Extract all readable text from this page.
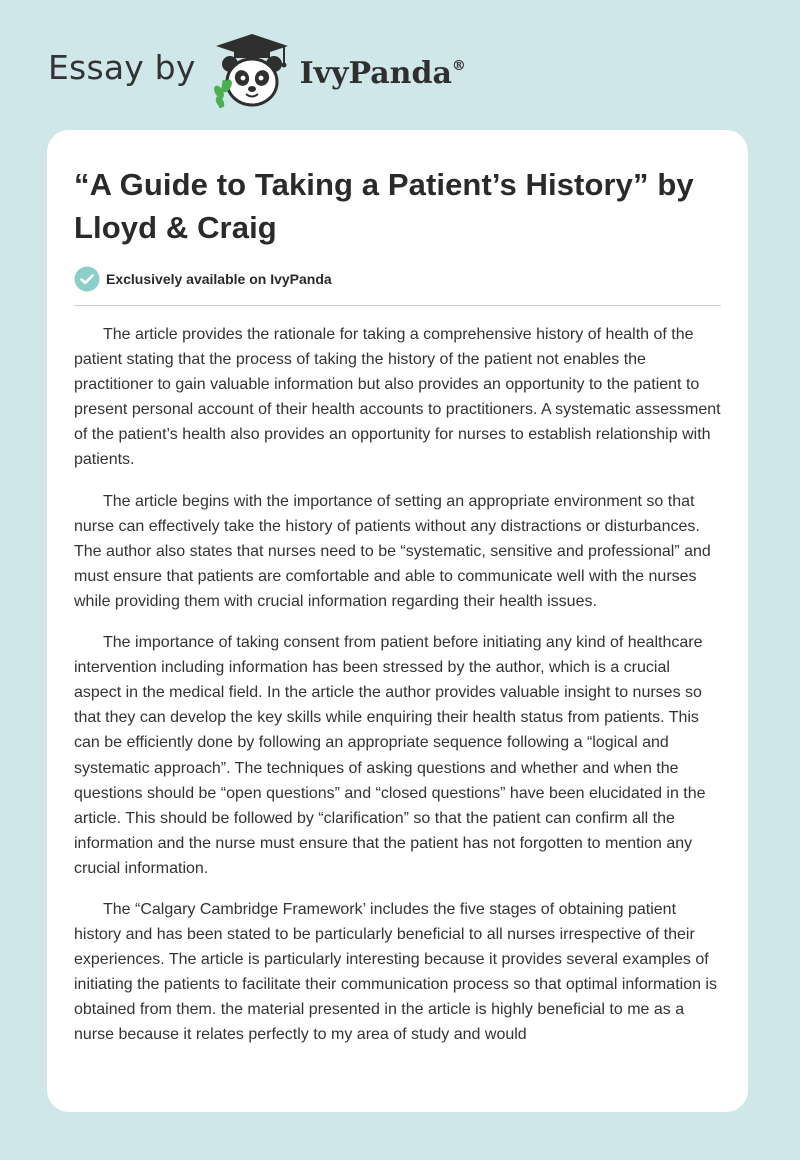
Essay by	IvyPanda®
“A Guide to Taking a Patient’s History” by Lloyd & Craig
Exclusively available on IvyPanda

The article provides the rationale for taking a comprehensive history of health of the patient stating that the process of taking the history of the patient not enables the practitioner to gain valuable information but also provides an opportunity to the patient to present personal account of their health accounts to practitioners. A systematic assessment of the patient’s health also provides an opportunity for nurses to establish relationship with patients.

The article begins with the importance of setting an appropriate environment so that nurse can effectively take the history of patients without any distractions or disturbances. The author also states that nurses need to be “systematic, sensitive and professional” and must ensure that patients are comfortable and able to communicate well with the nurses while providing them with crucial information regarding their health issues.

The importance of taking consent from patient before initiating any kind of healthcare intervention including information has been stressed by the author, which is a crucial aspect in the medical field. In the article the author provides valuable insight to nurses so that they can develop the key skills while enquiring their health status from patients. This can be efficiently done by following an appropriate sequence following a “logical and systematic approach”. The techniques of asking questions and whether and when the questions should be “open questions” and “closed questions” have been elucidated in the article. This should be followed by “clarification” so that the patient can confirm all the information and the nurse must ensure that the patient has not forgotten to mention any crucial information.

The “Calgary Cambridge Framework’ includes the five stages of obtaining patient history and has been stated to be particularly beneficial to all nurses irrespective of their experiences. The article is particularly interesting because it provides several examples of initiating the patients to facilitate their communication process so that optimal information is obtained from them. the material presented in the article is highly beneficial to me as a nurse because it relates perfectly to my area of study and would
